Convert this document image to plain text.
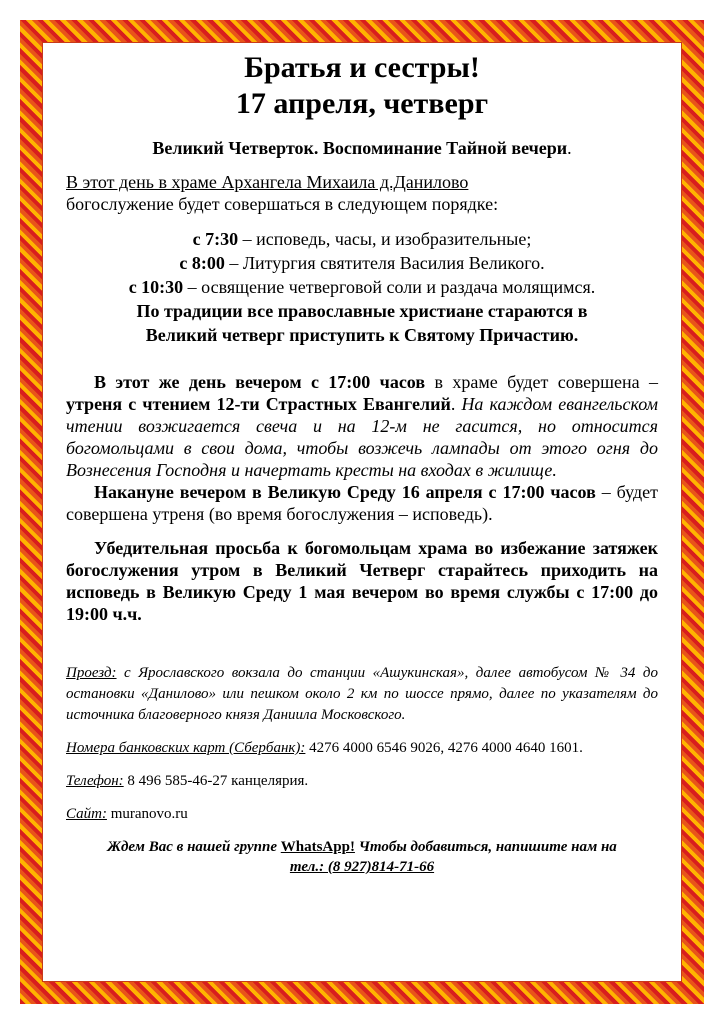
Братья и сестры!
17 апреля, четверг
Великий Четверток. Воспоминание Тайной вечери.

В этот день в храме Архангела Михаила д.Данилово
богослужение будет совершаться в следующем порядке:

с 7:30 – исповедь, часы, и изобразительные;
с 8:00 – Литургия святителя Василия Великого.
с 10:30 – освящение четверговой соли и раздача молящимся.
По традиции все православные христиане стараются в
Великий четверг приступить к Святому Причастию.

В этот же день вечером с 17:00 часов в храме будет совершена – утреня с чтением 12-ти Страстных Евангелий. На каждом евангельском чтении возжигается свеча и на 12-м не гасится, но относится богомольцами в свои дома, чтобы возжечь лампады от этого огня до Вознесения Господня и начертать кресты на входах в жилище.

Накануне вечером в Великую Среду 16 апреля с 17:00 часов – будет совершена утреня (во время богослужения – исповедь).

Убедительная просьба к богомольцам храма во избежание затяжек богослужения утром в Великий Четверг старайтесь приходить на исповедь в Великую Среду 1 мая вечером во время службы с 17:00 до 19:00 ч.ч.

Проезд: с Ярославского вокзала до станции «Ашукинская», далее автобусом № 34 до остановки «Данилово» или пешком около 2 км по шоссе прямо, далее по указателям до источника благоверного князя Даниила Московского.

Номера банковских карт (Сбербанк): 4276 4000 6546 9026, 4276 4000 4640 1601.

Телефон: 8 496 585-46-27 канцелярия.

Сайт: muranovo.ru

Ждем Вас в нашей группе WhatsApp! Чтобы добавиться, напишите нам на
тел.: (8 927)814-71-66
